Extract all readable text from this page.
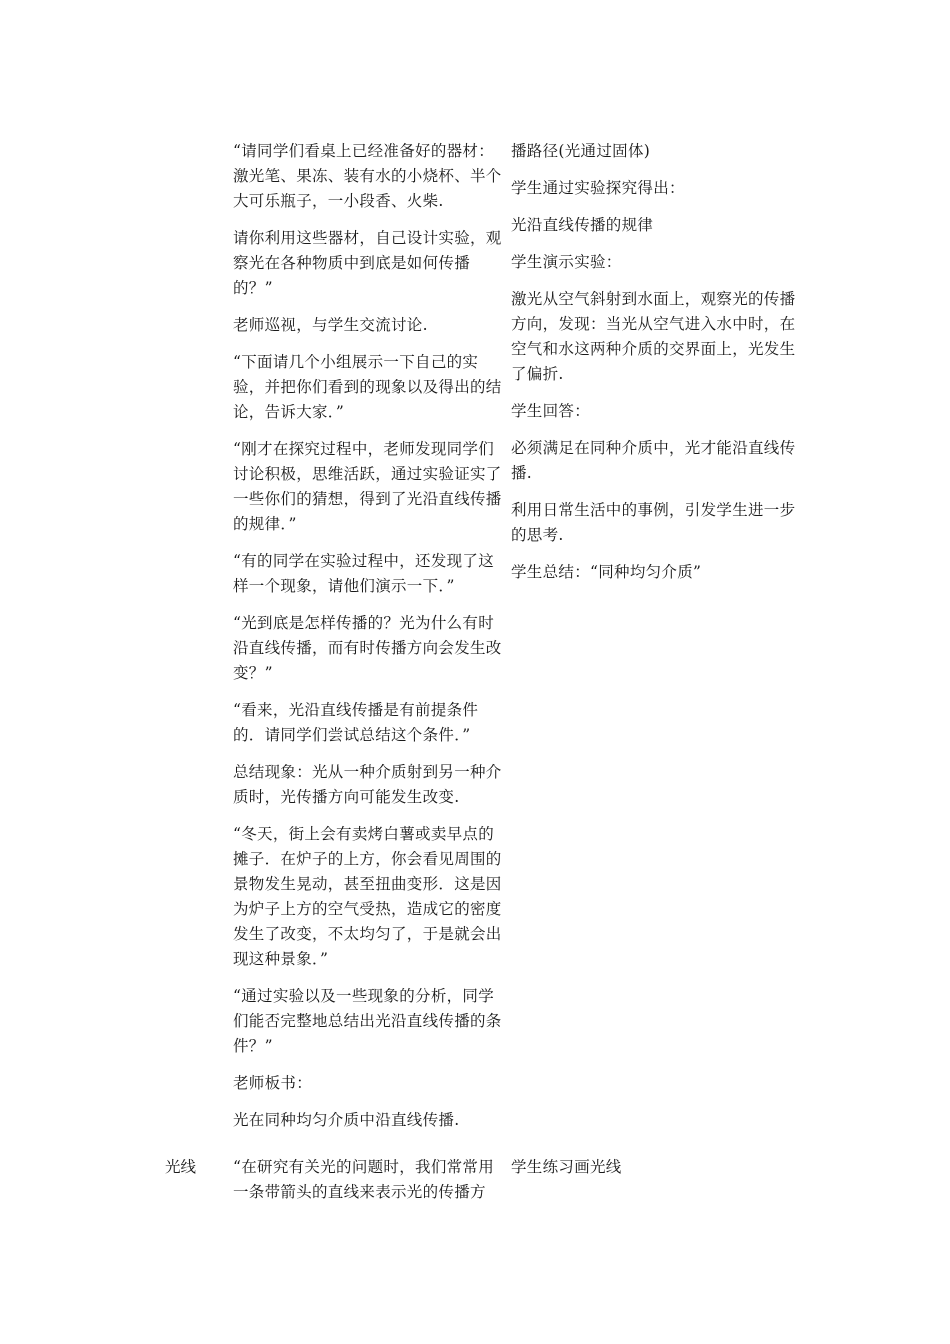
“请同学们看桌上已经准备好的器材：激光笔、果冻、装有水的小烧杯、半个大可乐瓶子，一小段香、火柴.

请你利用这些器材，自己设计实验，观察光在各种物质中到底是如何传播的？”

老师巡视，与学生交流讨论.

“下面请几个小组展示一下自己的实验，并把你们看到的现象以及得出的结论，告诉大家．”

“刚才在探究过程中，老师发现同学们讨论积极，思维活跃，通过实验证实了一些你们的猜想，得到了光沿直线传播的规律．”

“有的同学在实验过程中，还发现了这样一个现象，请他们演示一下．”

“光到底是怎样传播的？光为什么有时沿直线传播，而有时传播方向会发生改变？”

“看来，光沿直线传播是有前提条件的．请同学们尝试总结这个条件．”

总结现象：光从一种介质射到另一种介质时，光传播方向可能发生改变.

“冬天，街上会有卖烤白薯或卖早点的摊子．在炉子的上方，你会看见周围的景物发生晃动，甚至扭曲变形．这是因为炉子上方的空气受热，造成它的密度发生了改变，不太均匀了，于是就会出现这种景象．”

“通过实验以及一些现象的分析，同学们能否完整地总结出光沿直线传播的条件？”

老师板书：

光在同种均匀介质中沿直线传播.

播路径(光通过固体)

学生通过实验探究得出：

光沿直线传播的规律

学生演示实验：

激光从空气斜射到水面上，观察光的传播方向，发现：当光从空气进入水中时，在空气和水这两种介质的交界面上，光发生了偏折.

学生回答：

必须满足在同种介质中，光才能沿直线传播.

利用日常生活中的事例，引发学生进一步的思考.

学生总结：“同种均匀介质”

光线	“在研究有关光的问题时，我们常常用一条带箭头的直线来表示光的传播方

学生练习画光线
